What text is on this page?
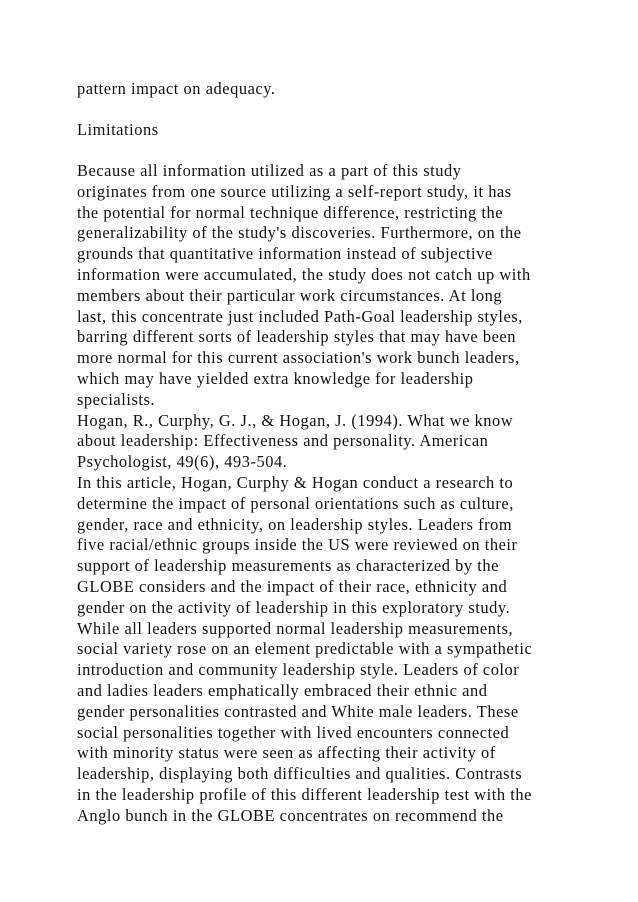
pattern impact on adequacy.

Limitations

Because all information utilized as a part of this study
originates from one source utilizing a self-report study, it has
the potential for normal technique difference, restricting the
generalizability of the study's discoveries. Furthermore, on the
grounds that quantitative information instead of subjective
information were accumulated, the study does not catch up with
members about their particular work circumstances. At long
last, this concentrate just included Path-Goal leadership styles,
barring different sorts of leadership styles that may have been
more normal for this current association's work bunch leaders,
which may have yielded extra knowledge for leadership
specialists.
Hogan, R., Curphy, G. J., & Hogan, J. (1994). What we know
about leadership: Effectiveness and personality. American
Psychologist, 49(6), 493-504.
In this article, Hogan, Curphy & Hogan conduct a research to
determine the impact of personal orientations such as culture,
gender, race and ethnicity, on leadership styles. Leaders from
five racial/ethnic groups inside the US were reviewed on their
support of leadership measurements as characterized by the
GLOBE considers and the impact of their race, ethnicity and
gender on the activity of leadership in this exploratory study.
While all leaders supported normal leadership measurements,
social variety rose on an element predictable with a sympathetic
introduction and community leadership style. Leaders of color
and ladies leaders emphatically embraced their ethnic and
gender personalities contrasted and White male leaders. These
social personalities together with lived encounters connected
with minority status were seen as affecting their activity of
leadership, displaying both difficulties and qualities. Contrasts
in the leadership profile of this different leadership test with the
Anglo bunch in the GLOBE concentrates on recommend the
